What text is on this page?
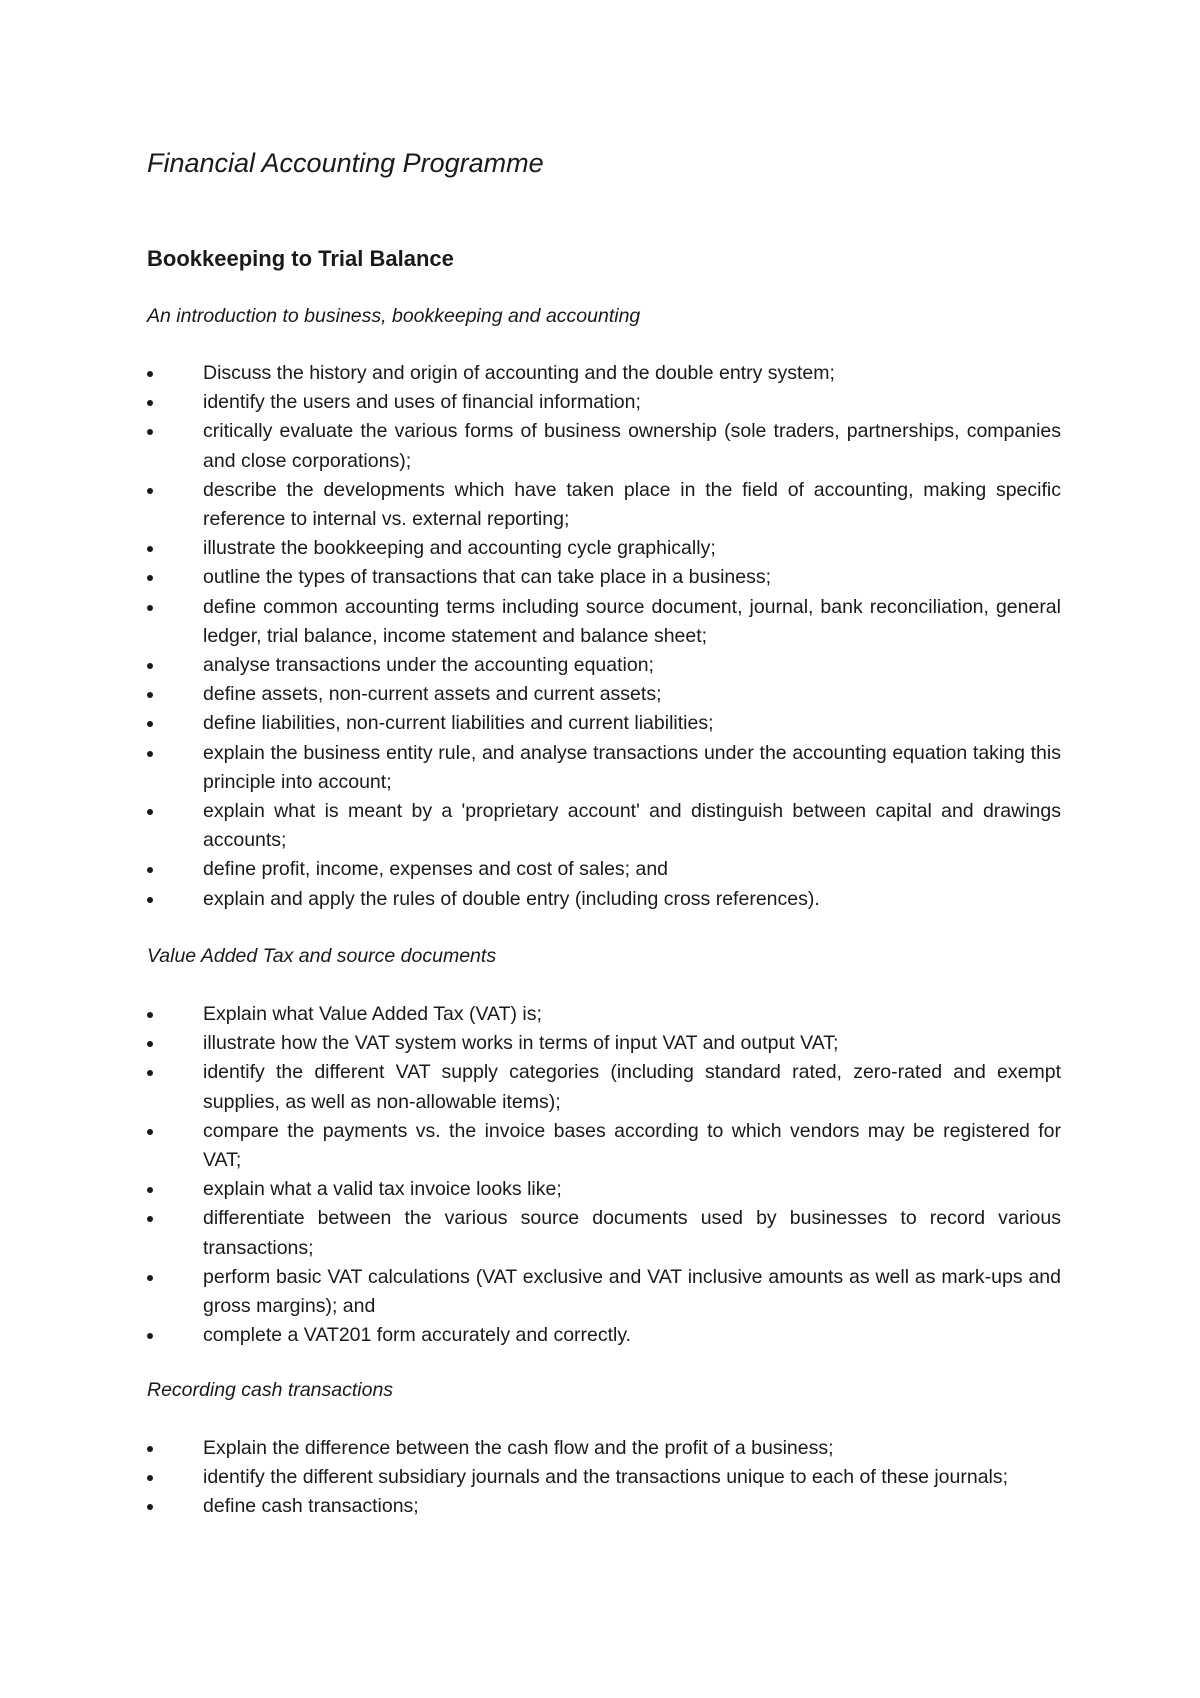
Financial Accounting Programme
Bookkeeping to Trial Balance
An introduction to business, bookkeeping and accounting
Discuss the history and origin of accounting and the double entry system;
identify the users and uses of financial information;
critically evaluate the various forms of business ownership (sole traders, partnerships, companies and close corporations);
describe the developments which have taken place in the field of accounting, making specific reference to internal vs. external reporting;
illustrate the bookkeeping and accounting cycle graphically;
outline the types of transactions that can take place in a business;
define common accounting terms including source document, journal, bank reconciliation, general ledger, trial balance, income statement and balance sheet;
analyse transactions under the accounting equation;
define assets, non-current assets and current assets;
define liabilities, non-current liabilities and current liabilities;
explain the business entity rule, and analyse transactions under the accounting equation taking this principle into account;
explain what is meant by a 'proprietary account' and distinguish between capital and drawings accounts;
define profit, income, expenses and cost of sales; and
explain and apply the rules of double entry (including cross references).
Value Added Tax and source documents
Explain what Value Added Tax (VAT) is;
illustrate how the VAT system works in terms of input VAT and output VAT;
identify the different VAT supply categories (including standard rated, zero-rated and exempt supplies, as well as non-allowable items);
compare the payments vs. the invoice bases according to which vendors may be registered for VAT;
explain what a valid tax invoice looks like;
differentiate between the various source documents used by businesses to record various transactions;
perform basic VAT calculations (VAT exclusive and VAT inclusive amounts as well as mark-ups and gross margins); and
complete a VAT201 form accurately and correctly.
Recording cash transactions
Explain the difference between the cash flow and the profit of a business;
identify the different subsidiary journals and the transactions unique to each of these journals;
define cash transactions;
